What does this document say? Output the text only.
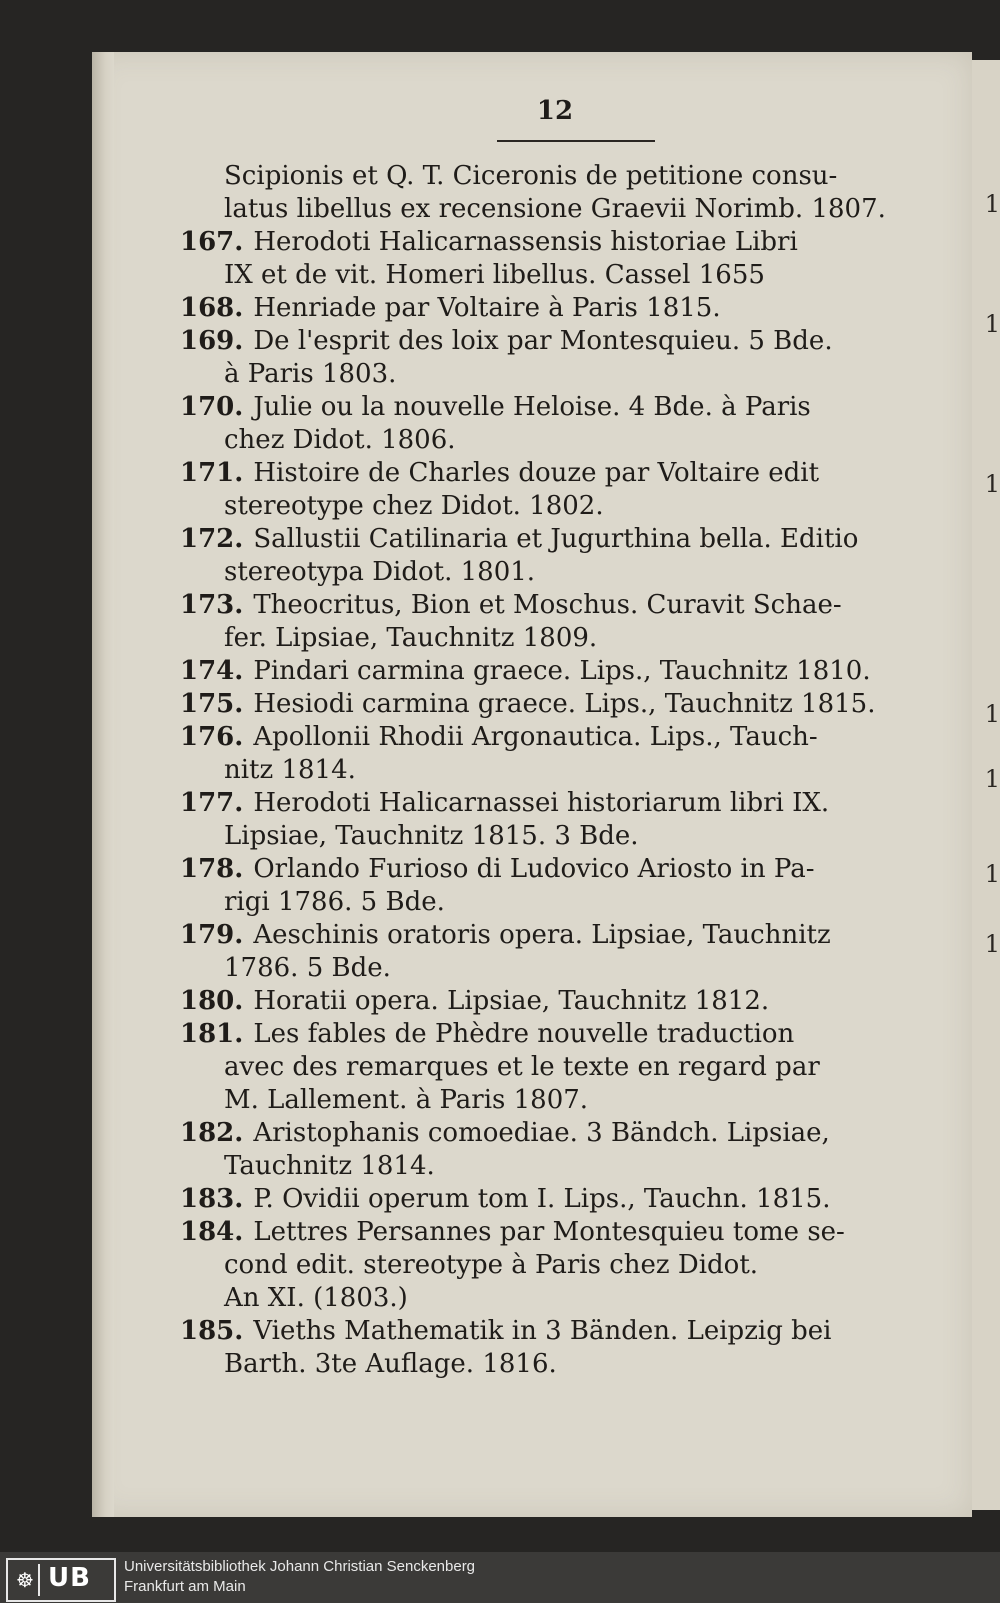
1
1
1
1
1
1
1
12
Scipionis et Q. T. Ciceronis de petitione consu-
latus libellus ex recensione Graevii Norimb. 1807.
167. Herodoti Halicarnassensis historiae Libri
IX et de vit. Homeri libellus. Cassel 1655
168. Henriade par Voltaire à Paris 1815.
169. De l'esprit des loix par Montesquieu. 5 Bde.
à Paris 1803.
170. Julie ou la nouvelle Heloise. 4 Bde. à Paris
chez Didot. 1806.
171. Histoire de Charles douze par Voltaire edit
stereotype chez Didot. 1802.
172. Sallustii Catilinaria et Jugurthina bella. Editio
stereotypa Didot. 1801.
173. Theocritus, Bion et Moschus. Curavit Schae-
fer. Lipsiae, Tauchnitz 1809.
174. Pindari carmina graece. Lips., Tauchnitz 1810.
175. Hesiodi carmina graece. Lips., Tauchnitz 1815.
176. Apollonii Rhodii Argonautica. Lips., Tauch-
nitz 1814.
177. Herodoti Halicarnassei historiarum libri IX.
Lipsiae, Tauchnitz 1815. 3 Bde.
178. Orlando Furioso di Ludovico Ariosto in Pa-
rigi 1786. 5 Bde.
179. Aeschinis oratoris opera. Lipsiae, Tauchnitz
1786. 5 Bde.
180. Horatii opera. Lipsiae, Tauchnitz 1812.
181. Les fables de Phèdre nouvelle traduction
avec des remarques et le texte en regard par
M. Lallement. à Paris 1807.
182. Aristophanis comoediae. 3 Bändch. Lipsiae,
Tauchnitz 1814.
183. P. Ovidii operum tom I. Lips., Tauchn. 1815.
184. Lettres Persannes par Montesquieu tome se-
cond edit. stereotype à Paris chez Didot.
An XI. (1803.)
185. Vieths Mathematik in 3 Bänden. Leipzig bei
Barth. 3te Auflage. 1816.
☸ UB Universitätsbibliothek Johann Christian Senckenberg
Frankfurt am Main
